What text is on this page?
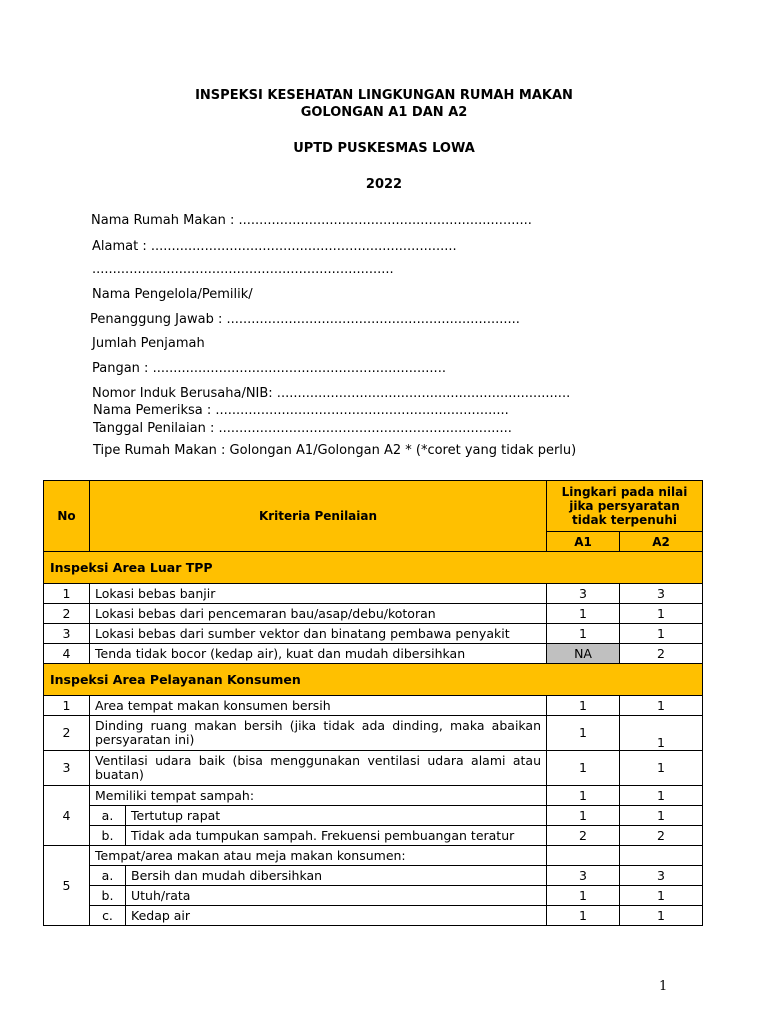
INSPEKSI KESEHATAN LINGKUNGAN RUMAH MAKAN
GOLONGAN A1 DAN A2
UPTD PUSKESMAS LOWA
2022
Nama Rumah Makan : .......................................................................
Alamat : ..........................................................................
.........................................................................
Nama Pengelola/Pemilik/
Penanggung Jawab : .......................................................................
Jumlah Penjamah
Pangan : .......................................................................
Nomor Induk Berusaha/NIB: .......................................................................
Nama Pemeriksa : .......................................................................
Tanggal Penilaian : .......................................................................
Tipe Rumah Makan : Golongan A1/Golongan A2 * (*coret yang tidak perlu)
No	Kriteria Penilaian		Lingkari pada nilai jika persyaratan tidak terpenuhi	
			A1	A2
Inspeksi Area Luar TPP				
1	Lokasi bebas banjir		3	3
2	Lokasi bebas dari pencemaran bau/asap/debu/kotoran		1	1
3	Lokasi bebas dari sumber vektor dan binatang pembawa penyakit		1	1
4	Tenda tidak bocor (kedap air), kuat dan mudah dibersihkan		NA	2
Inspeksi Area Pelayanan Konsumen				
1	Area tempat makan konsumen bersih		1	1
2	Dinding ruang makan bersih (jika tidak ada dinding, maka abaikan persyaratan ini)		1	1
3	Ventilasi udara baik (bisa menggunakan ventilasi udara alami atau buatan)		1	1
4	Memiliki tempat sampah:		1	1
	a.	Tertutup rapat	1	1
	b.	Tidak ada tumpukan sampah. Frekuensi pembuangan teratur	2	2
5	Tempat/area makan atau meja makan konsumen:			
	a.	Bersih dan mudah dibersihkan	3	3
	b.	Utuh/rata	1	1
	c.	Kedap air	1	1
1
